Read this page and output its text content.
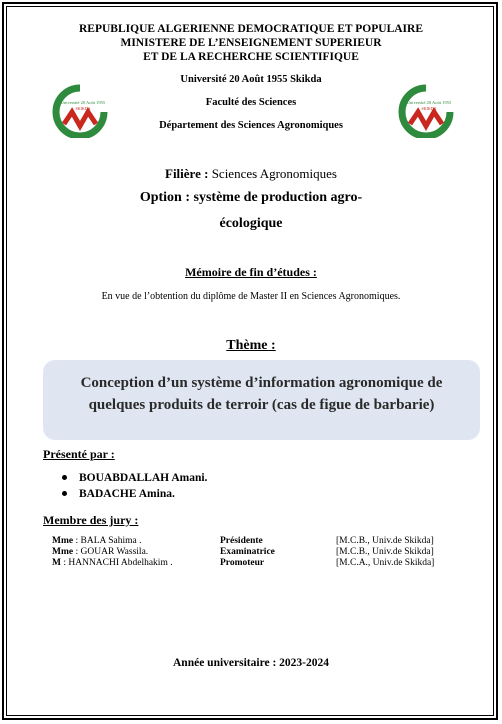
REPUBLIQUE ALGERIENNE DEMOCRATIQUE ET POPULAIRE
MINISTERE DE L’ENSEIGNEMENT SUPERIEUR
ET DE LA RECHERCHE SCIENTIFIQUE
Université 20 Août 1955
SKIKDA
Université 20 Août 1955
SKIKDA
Université 20 Août 1955 Skikda
Faculté des Sciences
Département des Sciences Agronomiques
Filière : Sciences Agronomiques
Option : système de production agro-
écologique
Mémoire de fin d’études :
En vue de l’obtention du diplôme de Master II en Sciences Agronomiques.
Thème :
Conception d’un système d’information agronomique de
quelques produits de terroir (cas de figue de barbarie)
Présenté par :
BOUABDALLAH Amani.
BADACHE Amina.
Membre des jury :
Mme : BALA Sahima .	Présidente	[M.C.B., Univ.de Skikda]
Mme : GOUAR Wassila.	Examinatrice	[M.C.B., Univ.de Skikda]
M : HANNACHI Abdelhakim .	Promoteur	[M.C.A., Univ.de Skikda]
Année universitaire : 2023-2024
